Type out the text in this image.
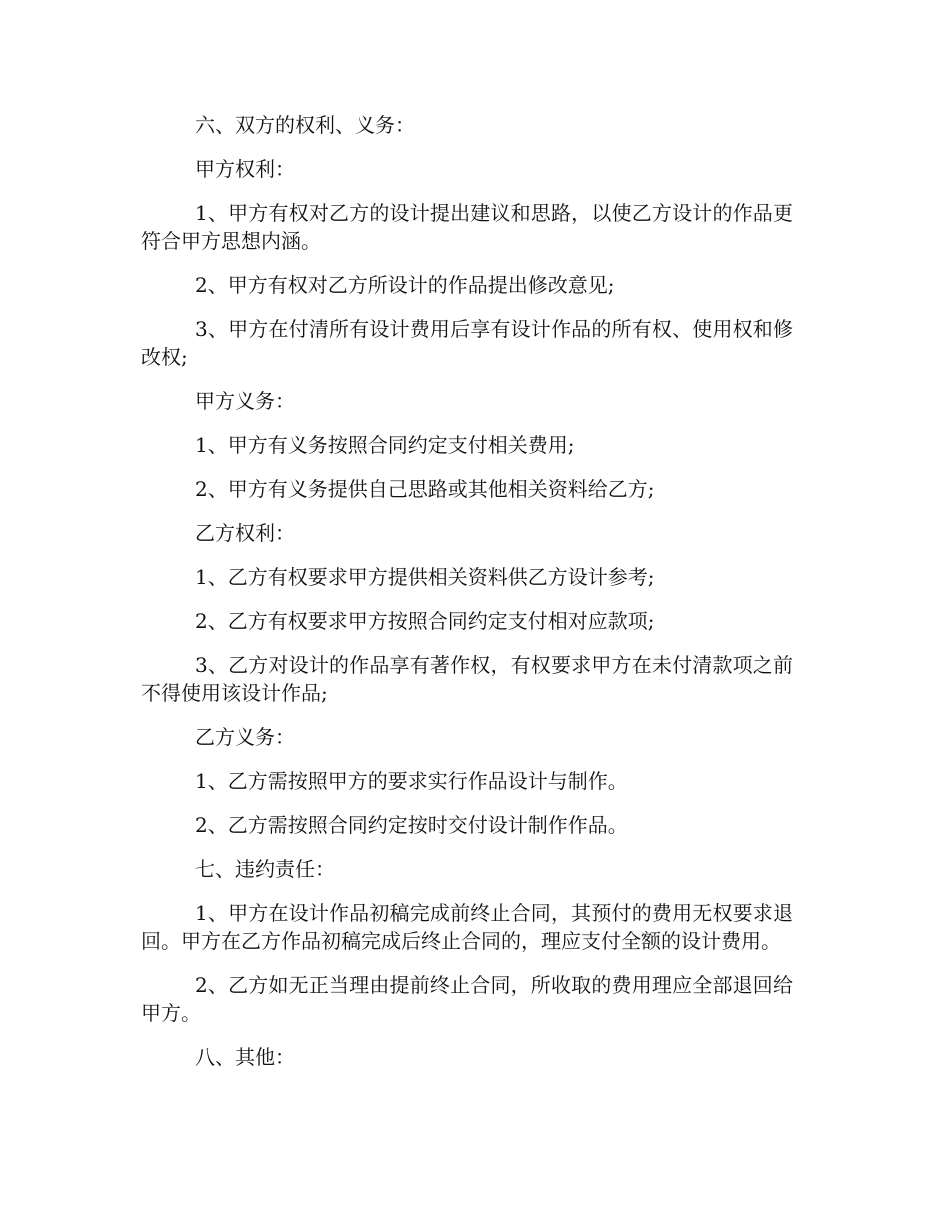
六、双方的权利、义务：

甲方权利：

1、甲方有权对乙方的设计提出建议和思路，以使乙方设计的作品更符合甲方思想内涵。

2、甲方有权对乙方所设计的作品提出修改意见;

3、甲方在付清所有设计费用后享有设计作品的所有权、使用权和修改权;

甲方义务：

1、甲方有义务按照合同约定支付相关费用;

2、甲方有义务提供自己思路或其他相关资料给乙方;

乙方权利：

1、乙方有权要求甲方提供相关资料供乙方设计参考;

2、乙方有权要求甲方按照合同约定支付相对应款项;

3、乙方对设计的作品享有著作权，有权要求甲方在未付清款项之前不得使用该设计作品;

乙方义务：

1、乙方需按照甲方的要求实行作品设计与制作。

2、乙方需按照合同约定按时交付设计制作作品。

七、违约责任：

1、甲方在设计作品初稿完成前终止合同，其预付的费用无权要求退回。甲方在乙方作品初稿完成后终止合同的，理应支付全额的设计费用。

2、乙方如无正当理由提前终止合同，所收取的费用理应全部退回给甲方。

八、其他：
